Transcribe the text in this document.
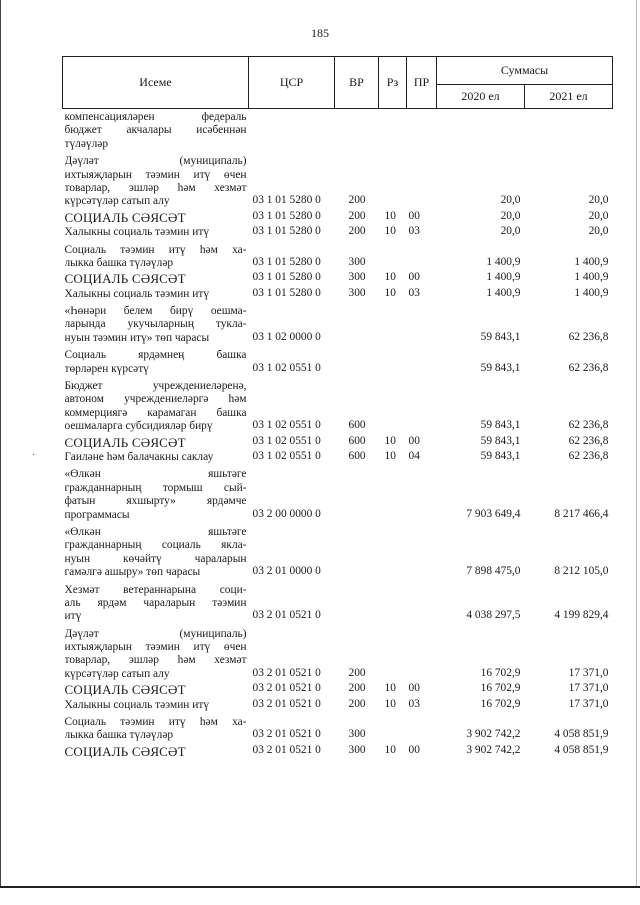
185
Исеме	ЦСР	ВР	Рз	ПР	Суммасы	
					2020 ел	2021 ел

компенсацияләрен федераль
бюджет акчалары исәбеннән
түләүләр						

Дәүләт (муниципаль)
ихтыяҗларын тәэмин итү өчен
товарлар, эшләр һәм хезмәт
күрсәтүләр сатып алу	03 1 01 5280 0	200			20,0	20,0

СОЦИАЛЬ СӘЯСӘТ	03 1 01 5280 0	200	10	00	20,0	20,0

Халыкны социаль тәэмин итү	03 1 01 5280 0	200	10	03	20,0	20,0

Социаль тәэмин итү һәм ха-
лыкка башка түләүләр	03 1 01 5280 0	300			1 400,9	1 400,9

СОЦИАЛЬ СӘЯСӘТ	03 1 01 5280 0	300	10	00	1 400,9	1 400,9

Халыкны социаль тәэмин итү	03 1 01 5280 0	300	10	03	1 400,9	1 400,9

«Һөнәри белем бирү оешма-
ларында укучыларның тукла-
нуын тәэмин итү» төп чарасы	03 1 02 0000 0				59 843,1	62 236,8

Социаль ярдәмнең башка
төрләрен күрсәтү	03 1 02 0551 0				59 843,1	62 236,8

Бюджет учреждениеләренә,
автоном учреждениеләргә һәм
коммерциягә карамаган башка
оешмаларга субсидияләр бирү	03 1 02 0551 0	600			59 843,1	62 236,8

СОЦИАЛЬ СӘЯСӘТ	03 1 02 0551 0	600	10	00	59 843,1	62 236,8

Гаиләне һәм балачакны саклау	03 1 02 0551 0	600	10	04	59 843,1	62 236,8

«Өлкән яшьтәге
гражданнарның тормыш сый-
фатын яхшырту» ярдәмче
программасы	03 2 00 0000 0				7 903 649,4	8 217 466,4

«Өлкән яшьтәге
гражданнарның социаль якла-
нуын көчәйтү чараларын
гамәлгә ашыру» төп чарасы	03 2 01 0000 0				7 898 475,0	8 212 105,0

Хезмәт ветераннарына соци-
аль ярдәм чараларын тәэмин
итү	03 2 01 0521 0				4 038 297,5	4 199 829,4

Дәүләт (муниципаль)
ихтыяҗларын тәэмин итү өчен
товарлар, эшләр һәм хезмәт
күрсәтүләр сатып алу	03 2 01 0521 0	200			16 702,9	17 371,0

СОЦИАЛЬ СӘЯСӘТ	03 2 01 0521 0	200	10	00	16 702,9	17 371,0

Халыкны социаль тәэмин итү	03 2 01 0521 0	200	10	03	16 702,9	17 371,0

Социаль тәэмин итү һәм ха-
лыкка башка түләүләр	03 2 01 0521 0	300			3 902 742,2	4 058 851,9

СОЦИАЛЬ СӘЯСӘТ	03 2 01 0521 0	300	10	00	3 902 742,2	4 058 851,9
·
